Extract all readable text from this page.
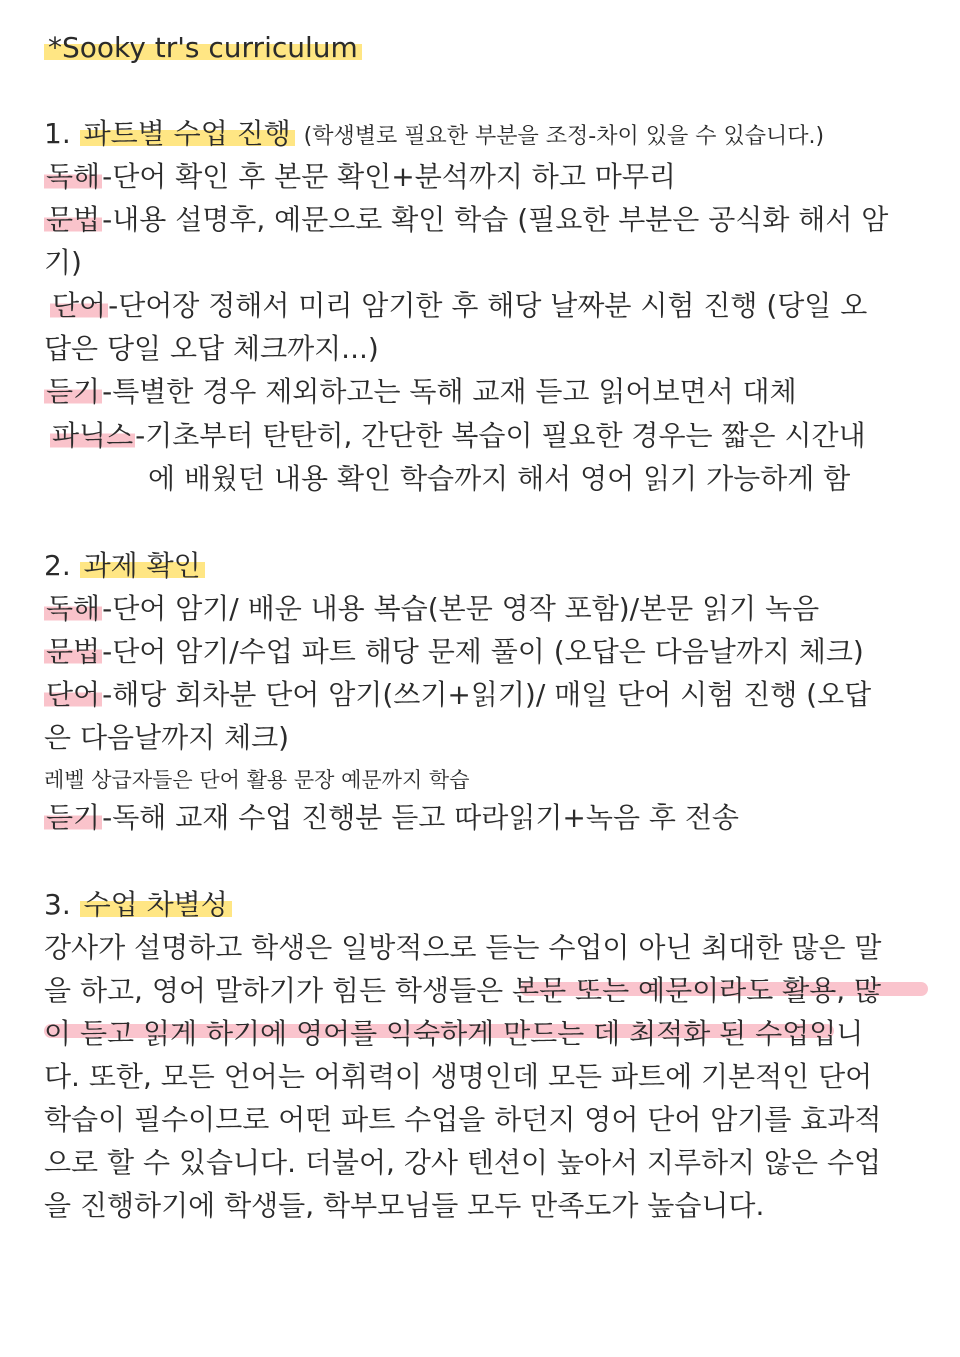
*Sooky tr's curriculum
1. 파트별 수업 진행 (학생별로 필요한 부분을 조정-차이 있을 수 있습니다.)
독해-단어 확인 후 본문 확인+분석까지 하고 마무리
문법-내용 설명후, 예문으로 확인 학습 (필요한 부분은 공식화 해서 암
기)
단어-단어장 정해서 미리 암기한 후 해당 날짜분 시험 진행 (당일 오
답은 당일 오답 체크까지...)
듣기-특별한 경우 제외하고는 독해 교재 듣고 읽어보면서 대체
파닉스-기초부터 탄탄히, 간단한 복습이 필요한 경우는 짧은 시간내
에 배웠던 내용 확인 학습까지 해서 영어 읽기 가능하게 함
2. 과제 확인
독해-단어 암기/ 배운 내용 복습(본문 영작 포함)/본문 읽기 녹음
문법-단어 암기/수업 파트 해당 문제 풀이 (오답은 다음날까지 체크)
단어-해당 회차분 단어 암기(쓰기+읽기)/ 매일 단어 시험 진행 (오답
은 다음날까지 체크)
레벨 상급자들은 단어 활용 문장 예문까지 학습
듣기-독해 교재 수업 진행분 듣고 따라읽기+녹음 후 전송
3. 수업 차별성
강사가 설명하고 학생은 일방적으로 듣는 수업이 아닌 최대한 많은 말
을 하고, 영어 말하기가 힘든 학생들은 본문 또는 예문이라도 활용, 많
이 듣고 읽게 하기에 영어를 익숙하게 만드는 데 최적화 된 수업입니
다. 또한, 모든 언어는 어휘력이 생명인데 모든 파트에 기본적인 단어
학습이 필수이므로 어떤 파트 수업을 하던지 영어 단어 암기를 효과적
으로 할 수 있습니다. 더불어, 강사 텐션이 높아서 지루하지 않은 수업
을 진행하기에 학생들, 학부모님들 모두 만족도가 높습니다.
